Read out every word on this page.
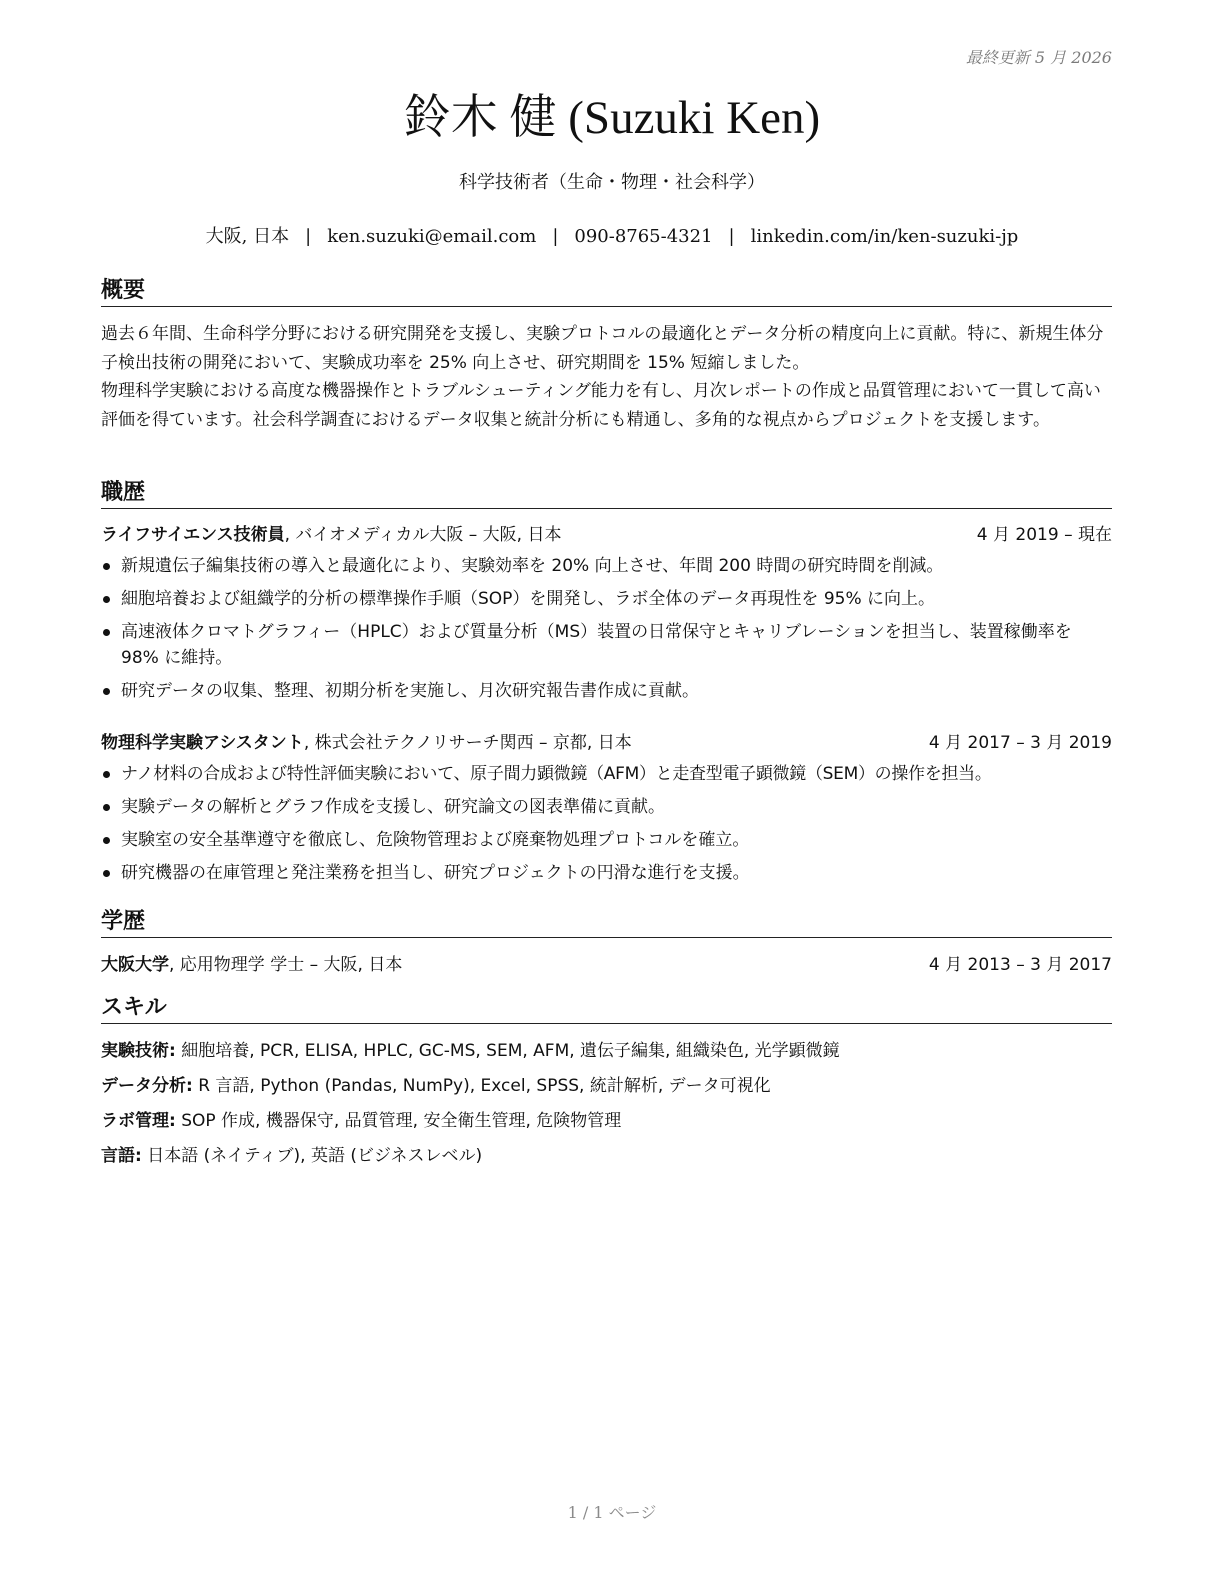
最終更新 5 月 2026
鈴木 健 (Suzuki Ken)
科学技術者（生命・物理・社会科学）
大阪, 日本 | ken.suzuki@email.com | 090-8765-4321 | linkedin.com/in/ken-suzuki-jp
概要
過去６年間、生命科学分野における研究開発を支援し、実験プロトコルの最適化とデータ分析の精度向上に貢献。特に、新規生体分子検出技術の開発において、実験成功率を 25% 向上させ、研究期間を 15% 短縮しました。
物理科学実験における高度な機器操作とトラブルシューティング能力を有し、月次レポートの作成と品質管理において一貫して高い評価を得ています。社会科学調査におけるデータ収集と統計分析にも精通し、多角的な視点からプロジェクトを支援します。
職歴
ライフサイエンス技術員, バイオメディカル大阪 – 大阪, 日本	4 月 2019 – 現在
新規遺伝子編集技術の導入と最適化により、実験効率を 20% 向上させ、年間 200 時間の研究時間を削減。
細胞培養および組織学的分析の標準操作手順（SOP）を開発し、ラボ全体のデータ再現性を 95% に向上。
高速液体クロマトグラフィー（HPLC）および質量分析（MS）装置の日常保守とキャリブレーションを担当し、装置稼働率を 98% に維持。
研究データの収集、整理、初期分析を実施し、月次研究報告書作成に貢献。
物理科学実験アシスタント, 株式会社テクノリサーチ関西 – 京都, 日本	4 月 2017 – 3 月 2019
ナノ材料の合成および特性評価実験において、原子間力顕微鏡（AFM）と走査型電子顕微鏡（SEM）の操作を担当。
実験データの解析とグラフ作成を支援し、研究論文の図表準備に貢献。
実験室の安全基準遵守を徹底し、危険物管理および廃棄物処理プロトコルを確立。
研究機器の在庫管理と発注業務を担当し、研究プロジェクトの円滑な進行を支援。
学歴
大阪大学, 応用物理学 学士 – 大阪, 日本	4 月 2013 – 3 月 2017
スキル
実験技術: 細胞培養, PCR, ELISA, HPLC, GC-MS, SEM, AFM, 遺伝子編集, 組織染色, 光学顕微鏡
データ分析: R 言語, Python (Pandas, NumPy), Excel, SPSS, 統計解析, データ可視化
ラボ管理: SOP 作成, 機器保守, 品質管理, 安全衛生管理, 危険物管理
言語: 日本語 (ネイティブ), 英語 (ビジネスレベル)
1 / 1 ページ
